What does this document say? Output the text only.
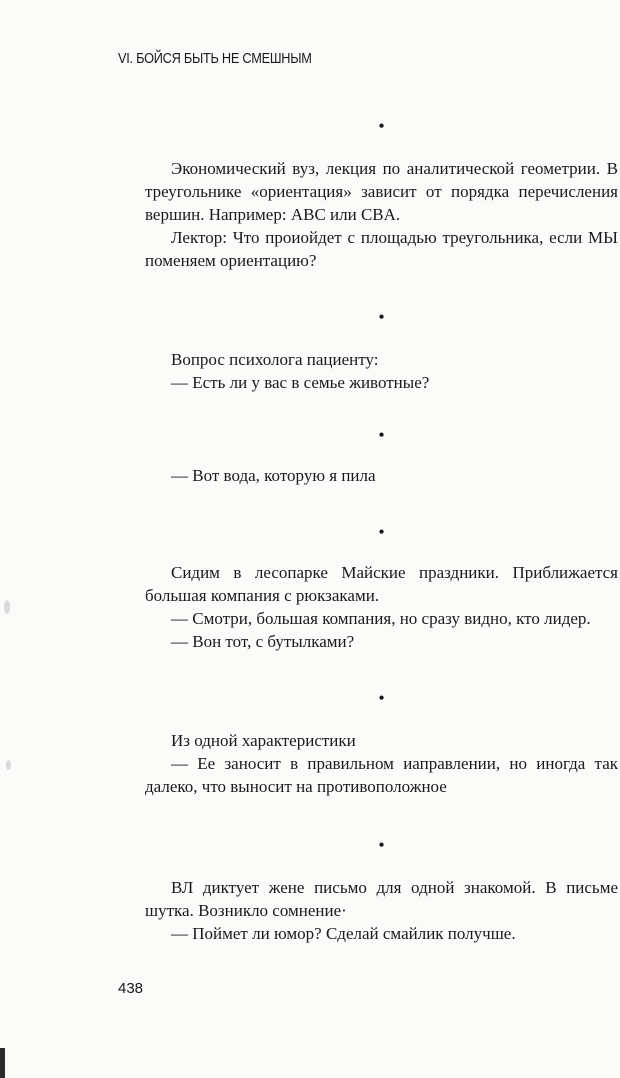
VI. БОЙСЯ БЫТЬ НЕ СМЕШНЫМ
•

Экономический вуз, лекция по аналитической геометрии. В треугольнике «ориентация» зависит от порядка перечисления вершин. Например: ABC или CBA.

Лектор: Что проиойдет с площадью треугольника, если МЫ поменяем ориентацию?

•

Вопрос психолога пациенту:

— Есть ли у вас в семье животные?

•

— Вот вода, которую я пила

•

Сидим в лесопарке Майские праздники. Приближается большая компания с рюкзаками.

— Смотри, большая компания, но сразу видно, кто лидер.

— Вон тот, с бутылками?

•

Из одной характеристики

— Ее заносит в правильном иаправлении, но иногда так далеко, что выносит на противоположное

•

ВЛ диктует жене письмо для одной знакомой. В письме шутка. Возникло сомнение·

— Поймет ли юмор? Сделай смайлик получше.

438
